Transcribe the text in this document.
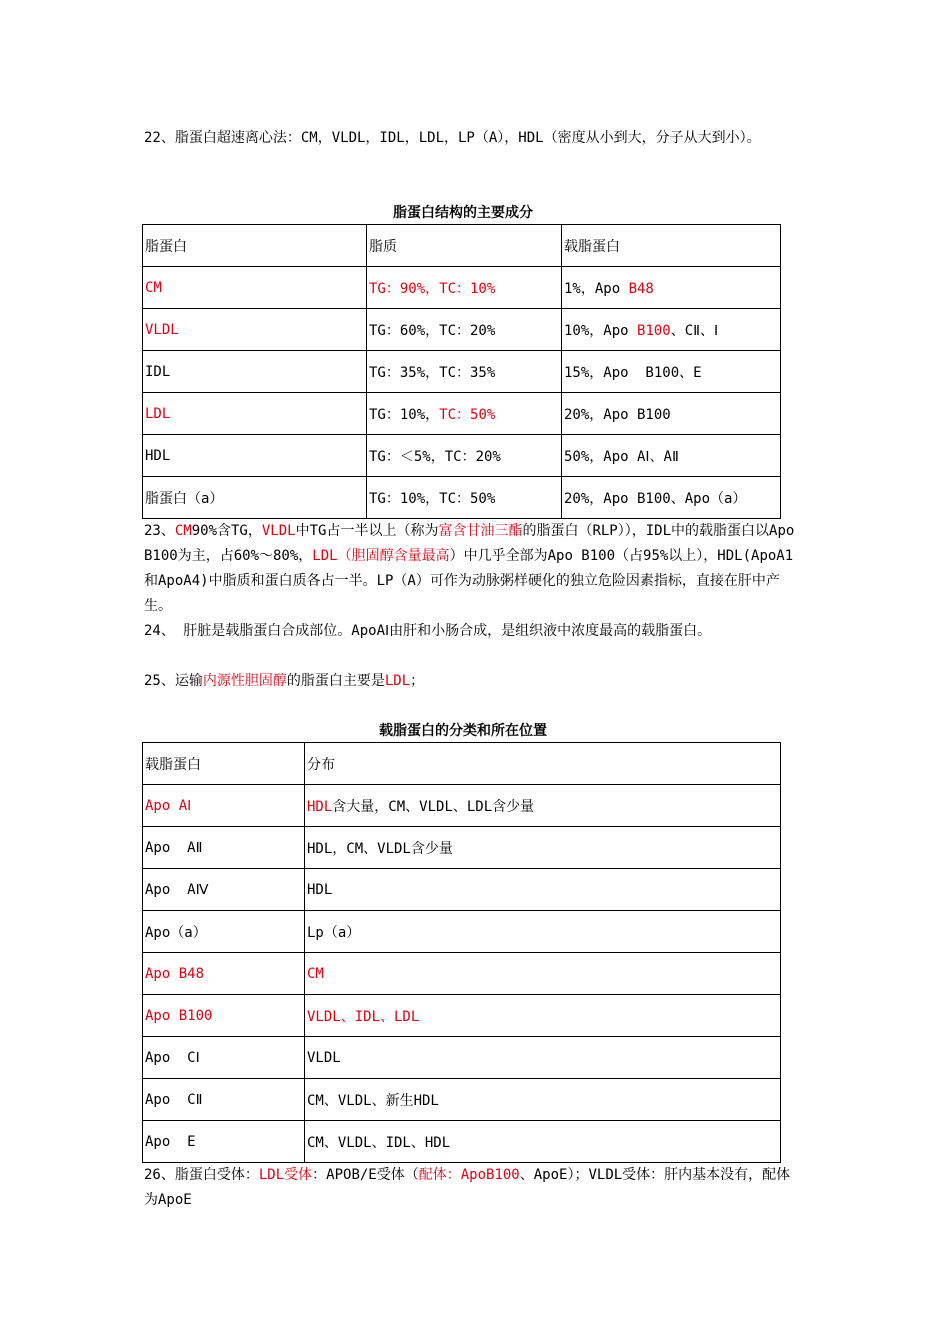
22、脂蛋白超速离心法：CM，VLDL，IDL，LDL，LP（A），HDL（密度从小到大，分子从大到小）。
脂蛋白结构的主要成分
脂蛋白	脂质	载脂蛋白
CM	TG：90%，TC：10%	1%，Apo B48
VLDL	TG：60%，TC：20%	10%，Apo B100、CⅡ、Ⅰ
IDL	TG：35%，TC：35%	15%，Apo  B100、E
LDL	TG：10%，TC：50%	20%，Apo B100
HDL	TG：＜5%，TC：20%	50%，Apo AⅠ、AⅡ
脂蛋白（a）	TG：10%，TC：50%	20%，Apo B100、Apo（a）
23、CM90%含TG，VLDL中TG占一半以上（称为富含甘油三酯的脂蛋白（RLP）），IDL中的载脂蛋白以Apo B100为主，占60%～80%，LDL（胆固醇含量最高）中几乎全部为Apo B100（占95%以上），HDL(ApoA1和ApoA4)中脂质和蛋白质各占一半。LP（A）可作为动脉粥样硬化的独立危险因素指标，直接在肝中产生。
24、 肝脏是载脂蛋白合成部位。ApoAⅠ由肝和小肠合成，是组织液中浓度最高的载脂蛋白。
25、运输内源性胆固醇的脂蛋白主要是LDL；
载脂蛋白的分类和所在位置
载脂蛋白	分布
Apo AⅠ	HDL含大量，CM、VLDL、LDL含少量
Apo  AⅡ	HDL，CM、VLDL含少量
Apo  AⅣ	HDL
Apo（a）	Lp（a）
Apo B48	CM
Apo B100	VLDL、IDL、LDL
Apo  CⅠ	VLDL
Apo  CⅡ	CM、VLDL、新生HDL
Apo  E	CM、VLDL、IDL、HDL
26、脂蛋白受体：LDL受体：APOB/E受体（配体：ApoB100、ApoE）；VLDL受体：肝内基本没有，配体为ApoE
